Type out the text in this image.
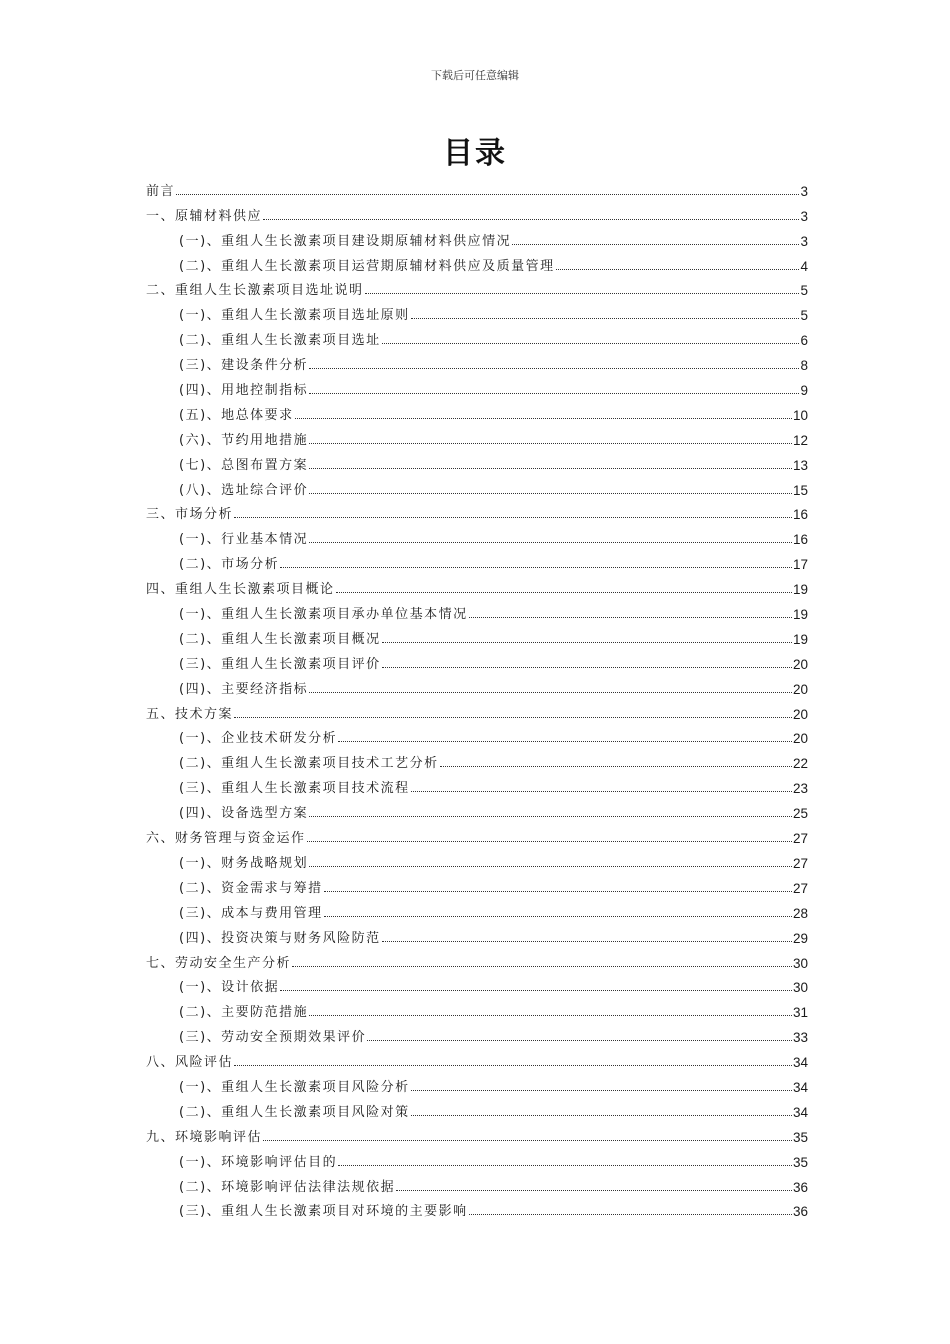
下载后可任意编辑
目录
前言	3
一、原辅材料供应	3
(一)、重组人生长激素项目建设期原辅材料供应情况	3
(二)、重组人生长激素项目运营期原辅材料供应及质量管理	4
二、重组人生长激素项目选址说明	5
(一)、重组人生长激素项目选址原则	5
(二)、重组人生长激素项目选址	6
(三)、建设条件分析	8
(四)、用地控制指标	9
(五)、地总体要求	10
(六)、节约用地措施	12
(七)、总图布置方案	13
(八)、选址综合评价	15
三、市场分析	16
(一)、行业基本情况	16
(二)、市场分析	17
四、重组人生长激素项目概论	19
(一)、重组人生长激素项目承办单位基本情况	19
(二)、重组人生长激素项目概况	19
(三)、重组人生长激素项目评价	20
(四)、主要经济指标	20
五、技术方案	20
(一)、企业技术研发分析	20
(二)、重组人生长激素项目技术工艺分析	22
(三)、重组人生长激素项目技术流程	23
(四)、设备选型方案	25
六、财务管理与资金运作	27
(一)、财务战略规划	27
(二)、资金需求与筹措	27
(三)、成本与费用管理	28
(四)、投资决策与财务风险防范	29
七、劳动安全生产分析	30
(一)、设计依据	30
(二)、主要防范措施	31
(三)、劳动安全预期效果评价	33
八、风险评估	34
(一)、重组人生长激素项目风险分析	34
(二)、重组人生长激素项目风险对策	34
九、环境影响评估	35
(一)、环境影响评估目的	35
(二)、环境影响评估法律法规依据	36
(三)、重组人生长激素项目对环境的主要影响	36
